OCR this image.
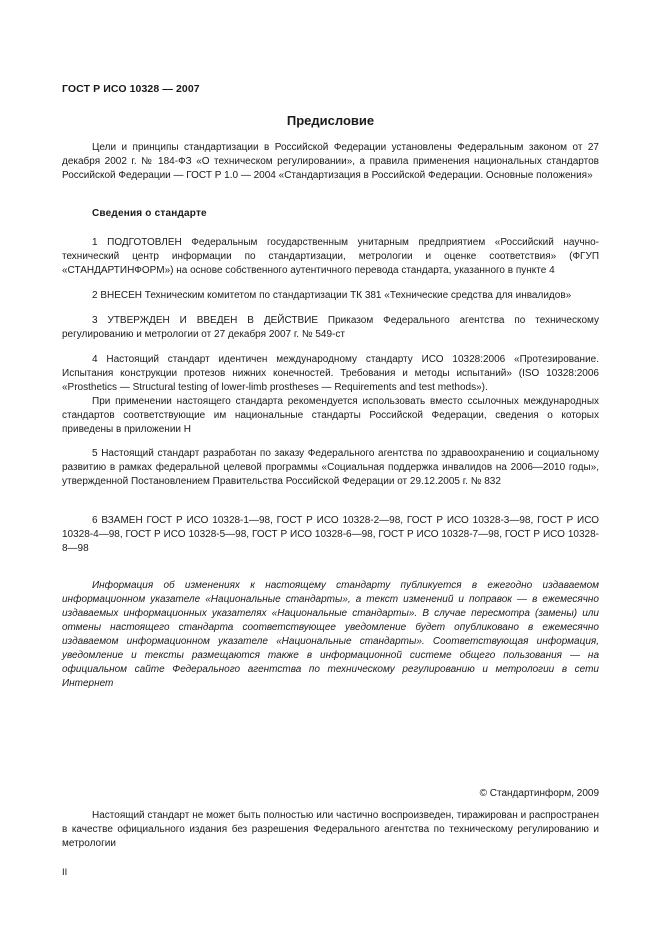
ГОСТ Р ИСО 10328 — 2007
Предисловие

Цели и принципы стандартизации в Российской Федерации установлены Федеральным законом от 27 декабря 2002 г. № 184-ФЗ «О техническом регулировании», а правила применения национальных стандартов Российской Федерации — ГОСТ Р 1.0 — 2004 «Стандартизация в Российской Федерации. Основные положения»

Сведения о стандарте

1 ПОДГОТОВЛЕН Федеральным государственным унитарным предприятием «Российский научно-технический центр информации по стандартизации, метрологии и оценке соответствия» (ФГУП «СТАНДАРТИНФОРМ») на основе собственного аутентичного перевода стандарта, указанного в пункте 4

2 ВНЕСЕН Техническим комитетом по стандартизации ТК 381 «Технические средства для инвалидов»

3 УТВЕРЖДЕН И ВВЕДЕН В ДЕЙСТВИЕ Приказом Федерального агентства по техническому регулированию и метрологии от 27 декабря 2007 г. № 549-ст

4 Настоящий стандарт идентичен международному стандарту ИСО 10328:2006 «Протезирование. Испытания конструкции протезов нижних конечностей. Требования и методы испытаний» (ISO 10328:2006 «Prosthetics — Structural testing of lower-limb prostheses — Requirements and test methods»).

При применении настоящего стандарта рекомендуется использовать вместо ссылочных международных стандартов соответствующие им национальные стандарты Российской Федерации, сведения о которых приведены в приложении Н

5 Настоящий стандарт разработан по заказу Федерального агентства по здравоохранению и социальному развитию в рамках федеральной целевой программы «Социальная поддержка инвалидов на 2006—2010 годы», утвержденной Постановлением Правительства Российской Федерации от 29.12.2005 г. № 832

6 ВЗАМЕН ГОСТ Р ИСО 10328-1—98, ГОСТ Р ИСО 10328-2—98, ГОСТ Р ИСО 10328-3—98, ГОСТ Р ИСО 10328-4—98, ГОСТ Р ИСО 10328-5—98, ГОСТ Р ИСО 10328-6—98, ГОСТ Р ИСО 10328-7—98, ГОСТ Р ИСО 10328-8—98

Информация об изменениях к настоящему стандарту публикуется в ежегодно издаваемом информационном указателе «Национальные стандарты», а текст изменений и поправок — в ежемесячно издаваемых информационных указателях «Национальные стандарты». В случае пересмотра (замены) или отмены настоящего стандарта соответствующее уведомление будет опубликовано в ежемесячно издаваемом информационном указателе «Национальные стандарты». Соответствующая информация, уведомление и тексты размещаются также в информационной системе общего пользования — на официальном сайте Федерального агентства по техническому регулированию и метрологии в сети Интернет

© Стандартинформ, 2009

Настоящий стандарт не может быть полностью или частично воспроизведен, тиражирован и распространен в качестве официального издания без разрешения Федерального агентства по техническому регулированию и метрологии

II
